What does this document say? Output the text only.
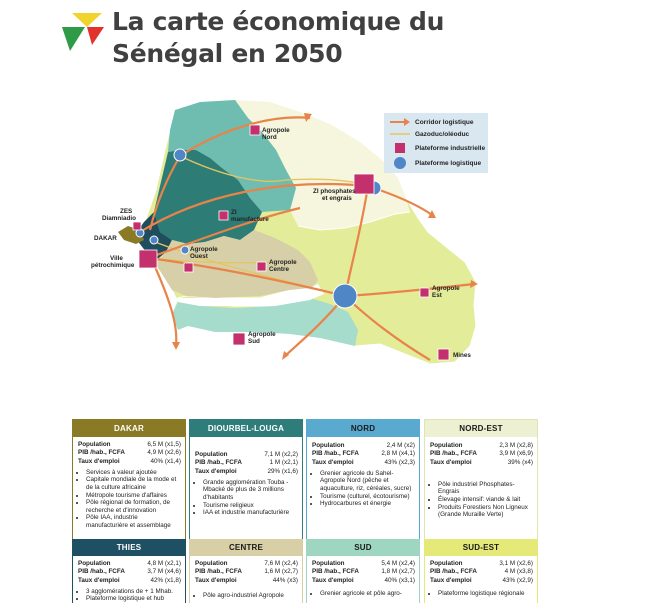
La carte économique du
Sénégal en 2050
Agropole Nord
ZI phosphates et engrais
ZI manufacture
ZES Diamniadio
DAKAR
Ville pétrochimique
Agropole Ouest
Agropole Centre
Agropole Est
Agropole Sud
Mines
Corridor logistique
Gazoduc/oléoduc
Plateforme industrielle
Plateforme logistique
DAKAR
Population	6,5 M (x1,5)
PIB /hab., FCFA	4,9 M (x2,6)
Taux d'emploi	40% (x1,4)
• Services à valeur ajoutée
• Capitale mondiale de la mode et de la culture africaine
• Métropole tourisme d'affaires
• Pôle régional de formation, de recherche et d'innovation
• Pôle IAA, industrie manufacturière et assemblage
DIOURBEL-LOUGA
Population	7,1 M (x2,2)
PIB /hab., FCFA	1 M (x2,1)
Taux d'emploi	29% (x1,6)
• Grande agglomération Touba - Mbacké de plus de 3 millions d'habitants
• Tourisme religieux
• IAA et industrie manufacturière
NORD
Population	2,4 M (x2)
PIB /hab., FCFA	2,8 M (x4,1)
Taux d'emploi	43% (x2,3)
• Grenier agricole du Sahel-Agropole Nord (pêche et aquaculture, riz, céréales, sucre)
• Tourisme (culturel, écotourisme)
• Hydrocarbures et énergie
NORD-EST
Population	2,3 M (x2,8)
PIB /hab., FCFA	3,9 M (x6,9)
Taux d'emploi	39% (x4)
• Pôle industriel Phosphates-Engrais
• Élevage intensif: viande & lait
• Produits Forestiers Non Ligneux (Grande Muraille Verte)
THIES
Population	4,8 M (x2,1)
PIB /hab., FCFA	3,7 M (x4,6)
Taux d'emploi	42% (x1,8)
• 3 agglomérations de + 1 Mhab.
• Plateforme logistique et hub
CENTRE
Population	7,6 M (x2,4)
PIB /hab., FCFA	1,6 M (x2,7)
Taux d'emploi	44% (x3)
• Pôle agro-industriel Agropole
SUD
Population	5,4 M (x2,4)
PIB /hab., FCFA	1,8 M (x2,7)
Taux d'emploi	40% (x3,1)
• Grenier agricole et pôle agro-
SUD-EST
Population	3,1 M (x2,6)
PIB /hab., FCFA	4 M (x3,8)
Taux d'emploi	43% (x2,9)
• Plateforme logistique régionale
